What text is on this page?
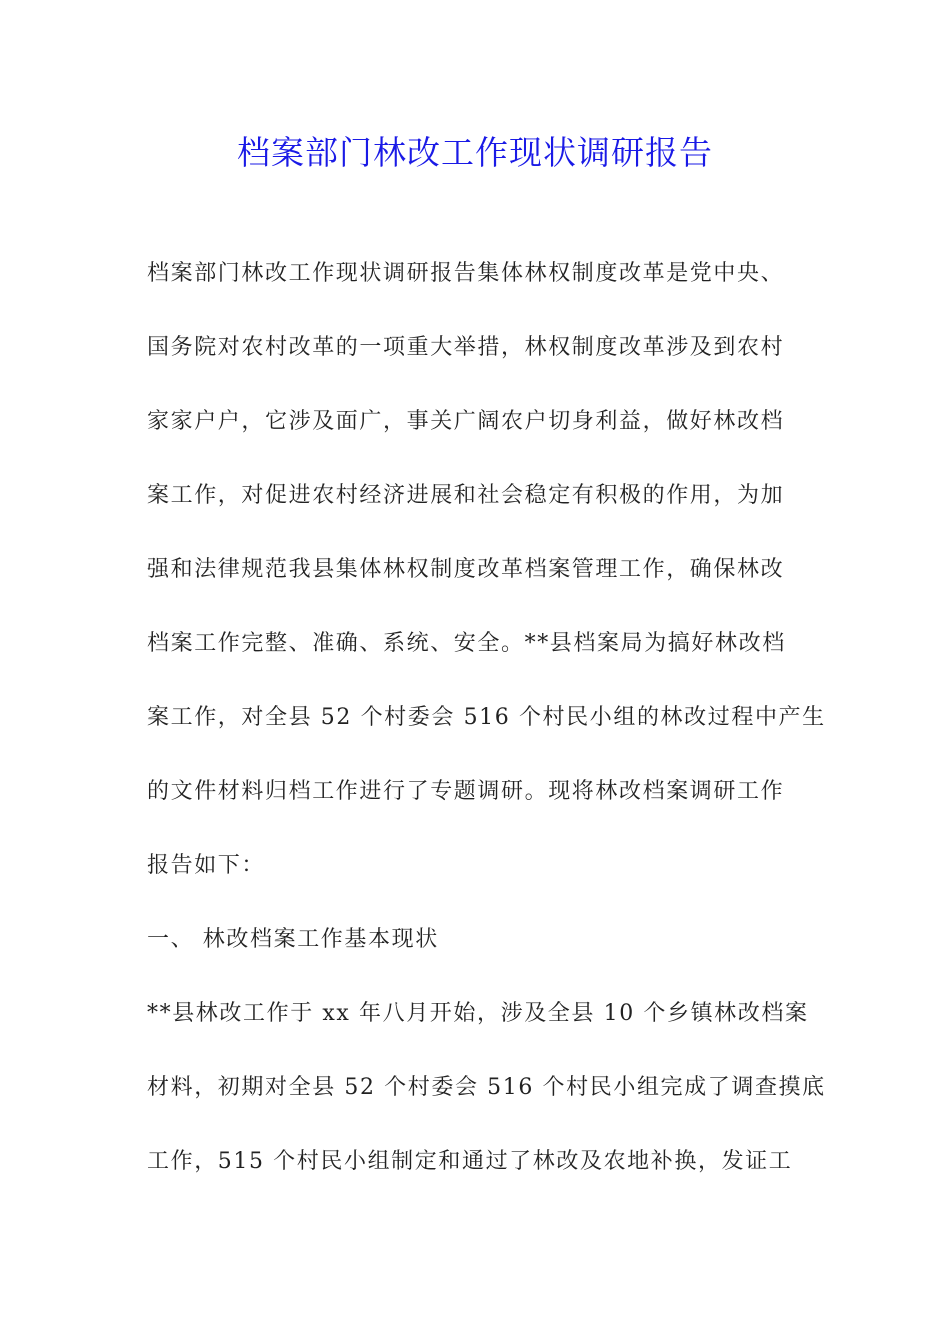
档案部门林改工作现状调研报告
档案部门林改工作现状调研报告集体林权制度改革是党中央、
国务院对农村改革的一项重大举措，林权制度改革涉及到农村
家家户户，它涉及面广，事关广阔农户切身利益，做好林改档
案工作，对促进农村经济进展和社会稳定有积极的作用，为加
强和法律规范我县集体林权制度改革档案管理工作，确保林改
档案工作完整、准确、系统、安全。**县档案局为搞好林改档
案工作，对全县 52 个村委会 516 个村民小组的林改过程中产生
的文件材料归档工作进行了专题调研。现将林改档案调研工作
报告如下：
一、 林改档案工作基本现状
**县林改工作于 xx 年八月开始，涉及全县 10 个乡镇林改档案
材料，初期对全县 52 个村委会 516 个村民小组完成了调查摸底
工作，515 个村民小组制定和通过了林改及农地补换，发证工
